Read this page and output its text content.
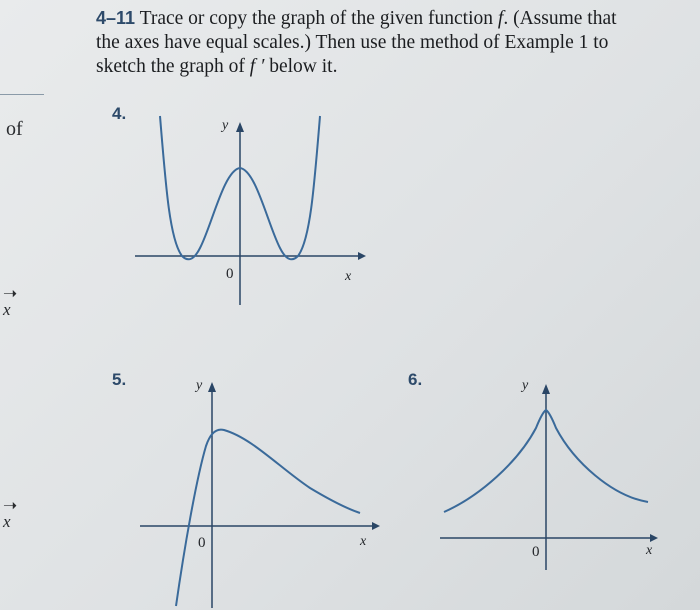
of
➝
x
➝
x
4–11 Trace or copy the graph of the given function f. (Assume that
the axes have equal scales.) Then use the method of Example 1 to
sketch the graph of f ′ below it.
4.
y
x
0
5.	y
x
0
6.	y
x
0
